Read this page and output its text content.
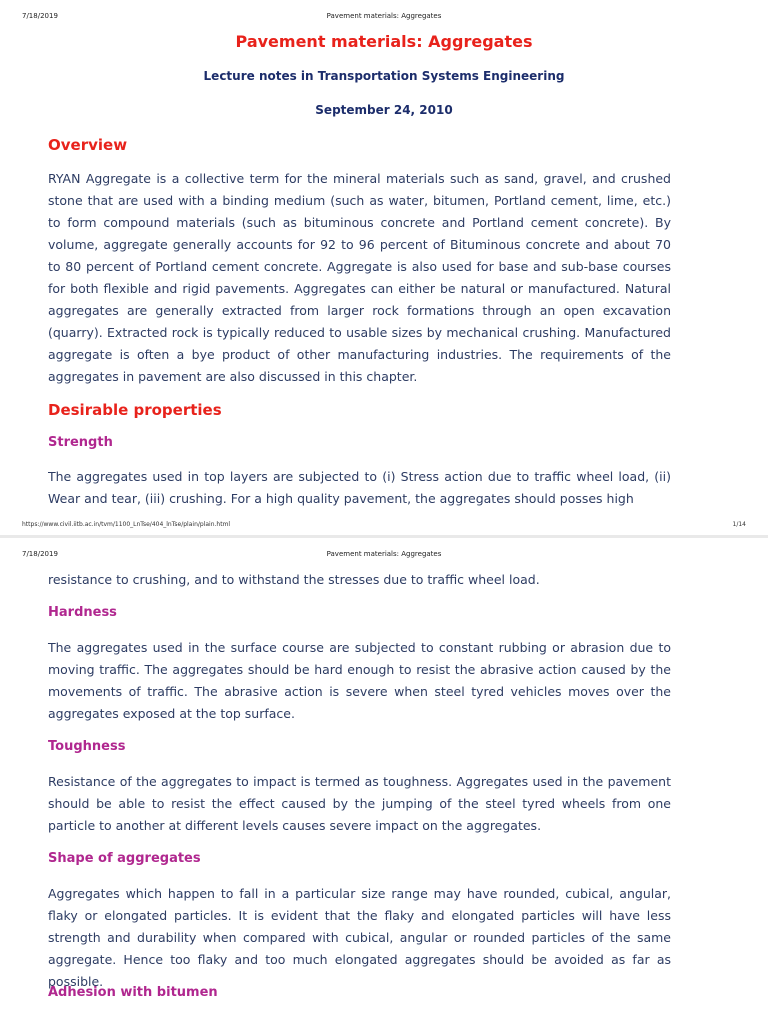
7/18/2019	Pavement materials: Aggregates
Pavement materials: Aggregates
Lecture notes in Transportation Systems Engineering
September 24, 2010
Overview

RYAN Aggregate is a collective term for the mineral materials such as sand, gravel, and crushed stone that are used with a binding medium (such as water, bitumen, Portland cement, lime, etc.) to form compound materials (such as bituminous concrete and Portland cement concrete). By volume, aggregate generally accounts for 92 to 96 percent of Bituminous concrete and about 70 to 80 percent of Portland cement concrete. Aggregate is also used for base and sub-base courses for both flexible and rigid pavements. Aggregates can either be natural or manufactured. Natural aggregates are generally extracted from larger rock formations through an open excavation (quarry). Extracted rock is typically reduced to usable sizes by mechanical crushing. Manufactured aggregate is often a bye product of other manufacturing industries. The requirements of the aggregates in pavement are also discussed in this chapter.

Desirable properties
Strength

The aggregates used in top layers are subjected to (i) Stress action due to traffic wheel load, (ii) Wear and tear, (iii) crushing. For a high quality pavement, the aggregates should posses high

https://www.civil.iitb.ac.in/tvm/1100_LnTse/404_lnTse/plain/plain.html	1/14
7/18/2019	Pavement materials: Aggregates

resistance to crushing, and to withstand the stresses due to traffic wheel load.

Hardness

The aggregates used in the surface course are subjected to constant rubbing or abrasion due to moving traffic. The aggregates should be hard enough to resist the abrasive action caused by the movements of traffic. The abrasive action is severe when steel tyred vehicles moves over the aggregates exposed at the top surface.

Toughness

Resistance of the aggregates to impact is termed as toughness. Aggregates used in the pavement should be able to resist the effect caused by the jumping of the steel tyred wheels from one particle to another at different levels causes severe impact on the aggregates.

Shape of aggregates

Aggregates which happen to fall in a particular size range may have rounded, cubical, angular, flaky or elongated particles. It is evident that the flaky and elongated particles will have less strength and durability when compared with cubical, angular or rounded particles of the same aggregate. Hence too flaky and too much elongated aggregates should be avoided as far as possible.

Adhesion with bitumen
